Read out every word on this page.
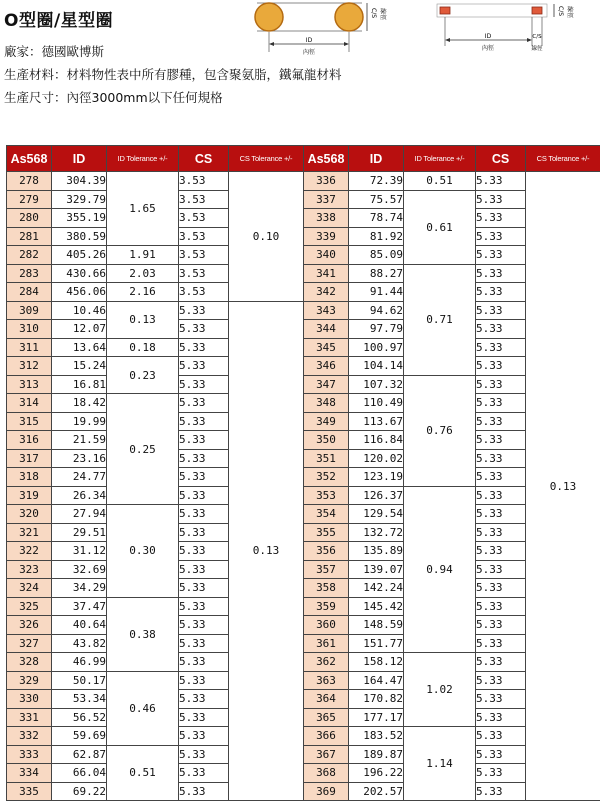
O型圈/星型圈
廠家：德國歐博斯
生產材料：材料物性表中所有膠種，包含聚氨脂，鐵氟龍材料
生產尺寸：內徑3000mm以下任何規格
ID
內徑
C/S 線徑
ID
內徑
C/S
線徑
C/S 線徑
As568	ID	ID Tolerance +/-	CS	CS Tolerance +/-	As568	ID	ID Tolerance +/-	CS	CS Tolerance +/-
278	304.39	1.65	3.53	0.10	336	72.39	0.51	5.33	0.13
279	329.79		3.53		337	75.57	0.61	5.33	
280	355.19		3.53		338	78.74		5.33	
281	380.59		3.53		339	81.92		5.33	
282	405.26	1.91	3.53		340	85.09		5.33	
283	430.66	2.03	3.53		341	88.27	0.71	5.33	
284	456.06	2.16	3.53		342	91.44		5.33	
309	10.46	0.13	5.33	0.13	343	94.62		5.33	
310	12.07		5.33		344	97.79		5.33	
311	13.64	0.18	5.33		345	100.97		5.33	
312	15.24	0.23	5.33		346	104.14		5.33	
313	16.81		5.33		347	107.32	0.76	5.33	
314	18.42	0.25	5.33		348	110.49		5.33	
315	19.99		5.33		349	113.67		5.33	
316	21.59		5.33		350	116.84		5.33	
317	23.16		5.33		351	120.02		5.33	
318	24.77		5.33		352	123.19		5.33	
319	26.34		5.33		353	126.37	0.94	5.33	
320	27.94	0.30	5.33		354	129.54		5.33	
321	29.51		5.33		355	132.72		5.33	
322	31.12		5.33		356	135.89		5.33	
323	32.69		5.33		357	139.07		5.33	
324	34.29		5.33		358	142.24		5.33	
325	37.47	0.38	5.33		359	145.42		5.33	
326	40.64		5.33		360	148.59		5.33	
327	43.82		5.33		361	151.77		5.33	
328	46.99		5.33		362	158.12	1.02	5.33	
329	50.17	0.46	5.33		363	164.47		5.33	
330	53.34		5.33		364	170.82		5.33	
331	56.52		5.33		365	177.17		5.33	
332	59.69		5.33		366	183.52	1.14	5.33	
333	62.87	0.51	5.33		367	189.87		5.33	
334	66.04		5.33		368	196.22		5.33	
335	69.22		5.33		369	202.57		5.33	
